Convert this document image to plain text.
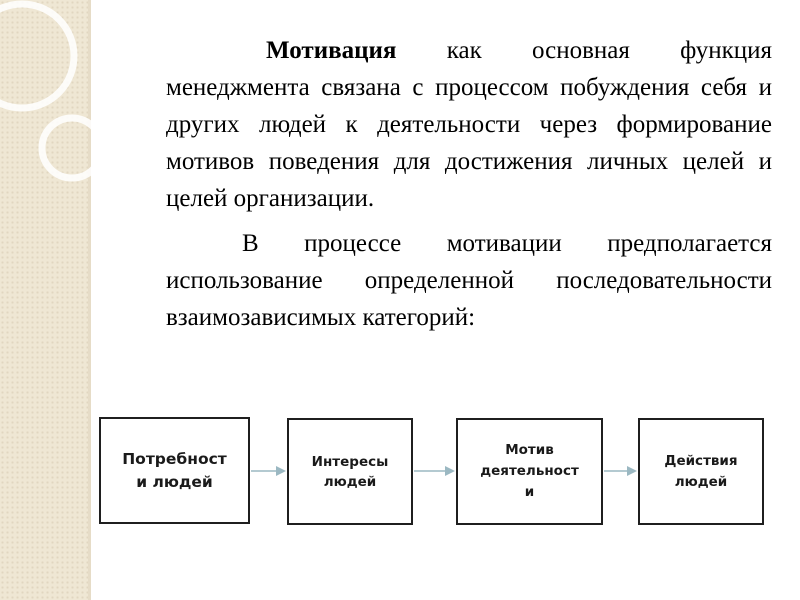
Мотивация как основная функция менеджмента связана с процессом побуждения себя и других людей к деятельности через формирование мотивов поведения для достижения личных целей и целей организации.

В процессе мотивации предполагается использование определенной последовательности взаимозависимых категорий:

Потребност
и людей
Интересы
людей
Мотив
деятельност
и
Действия
людей
